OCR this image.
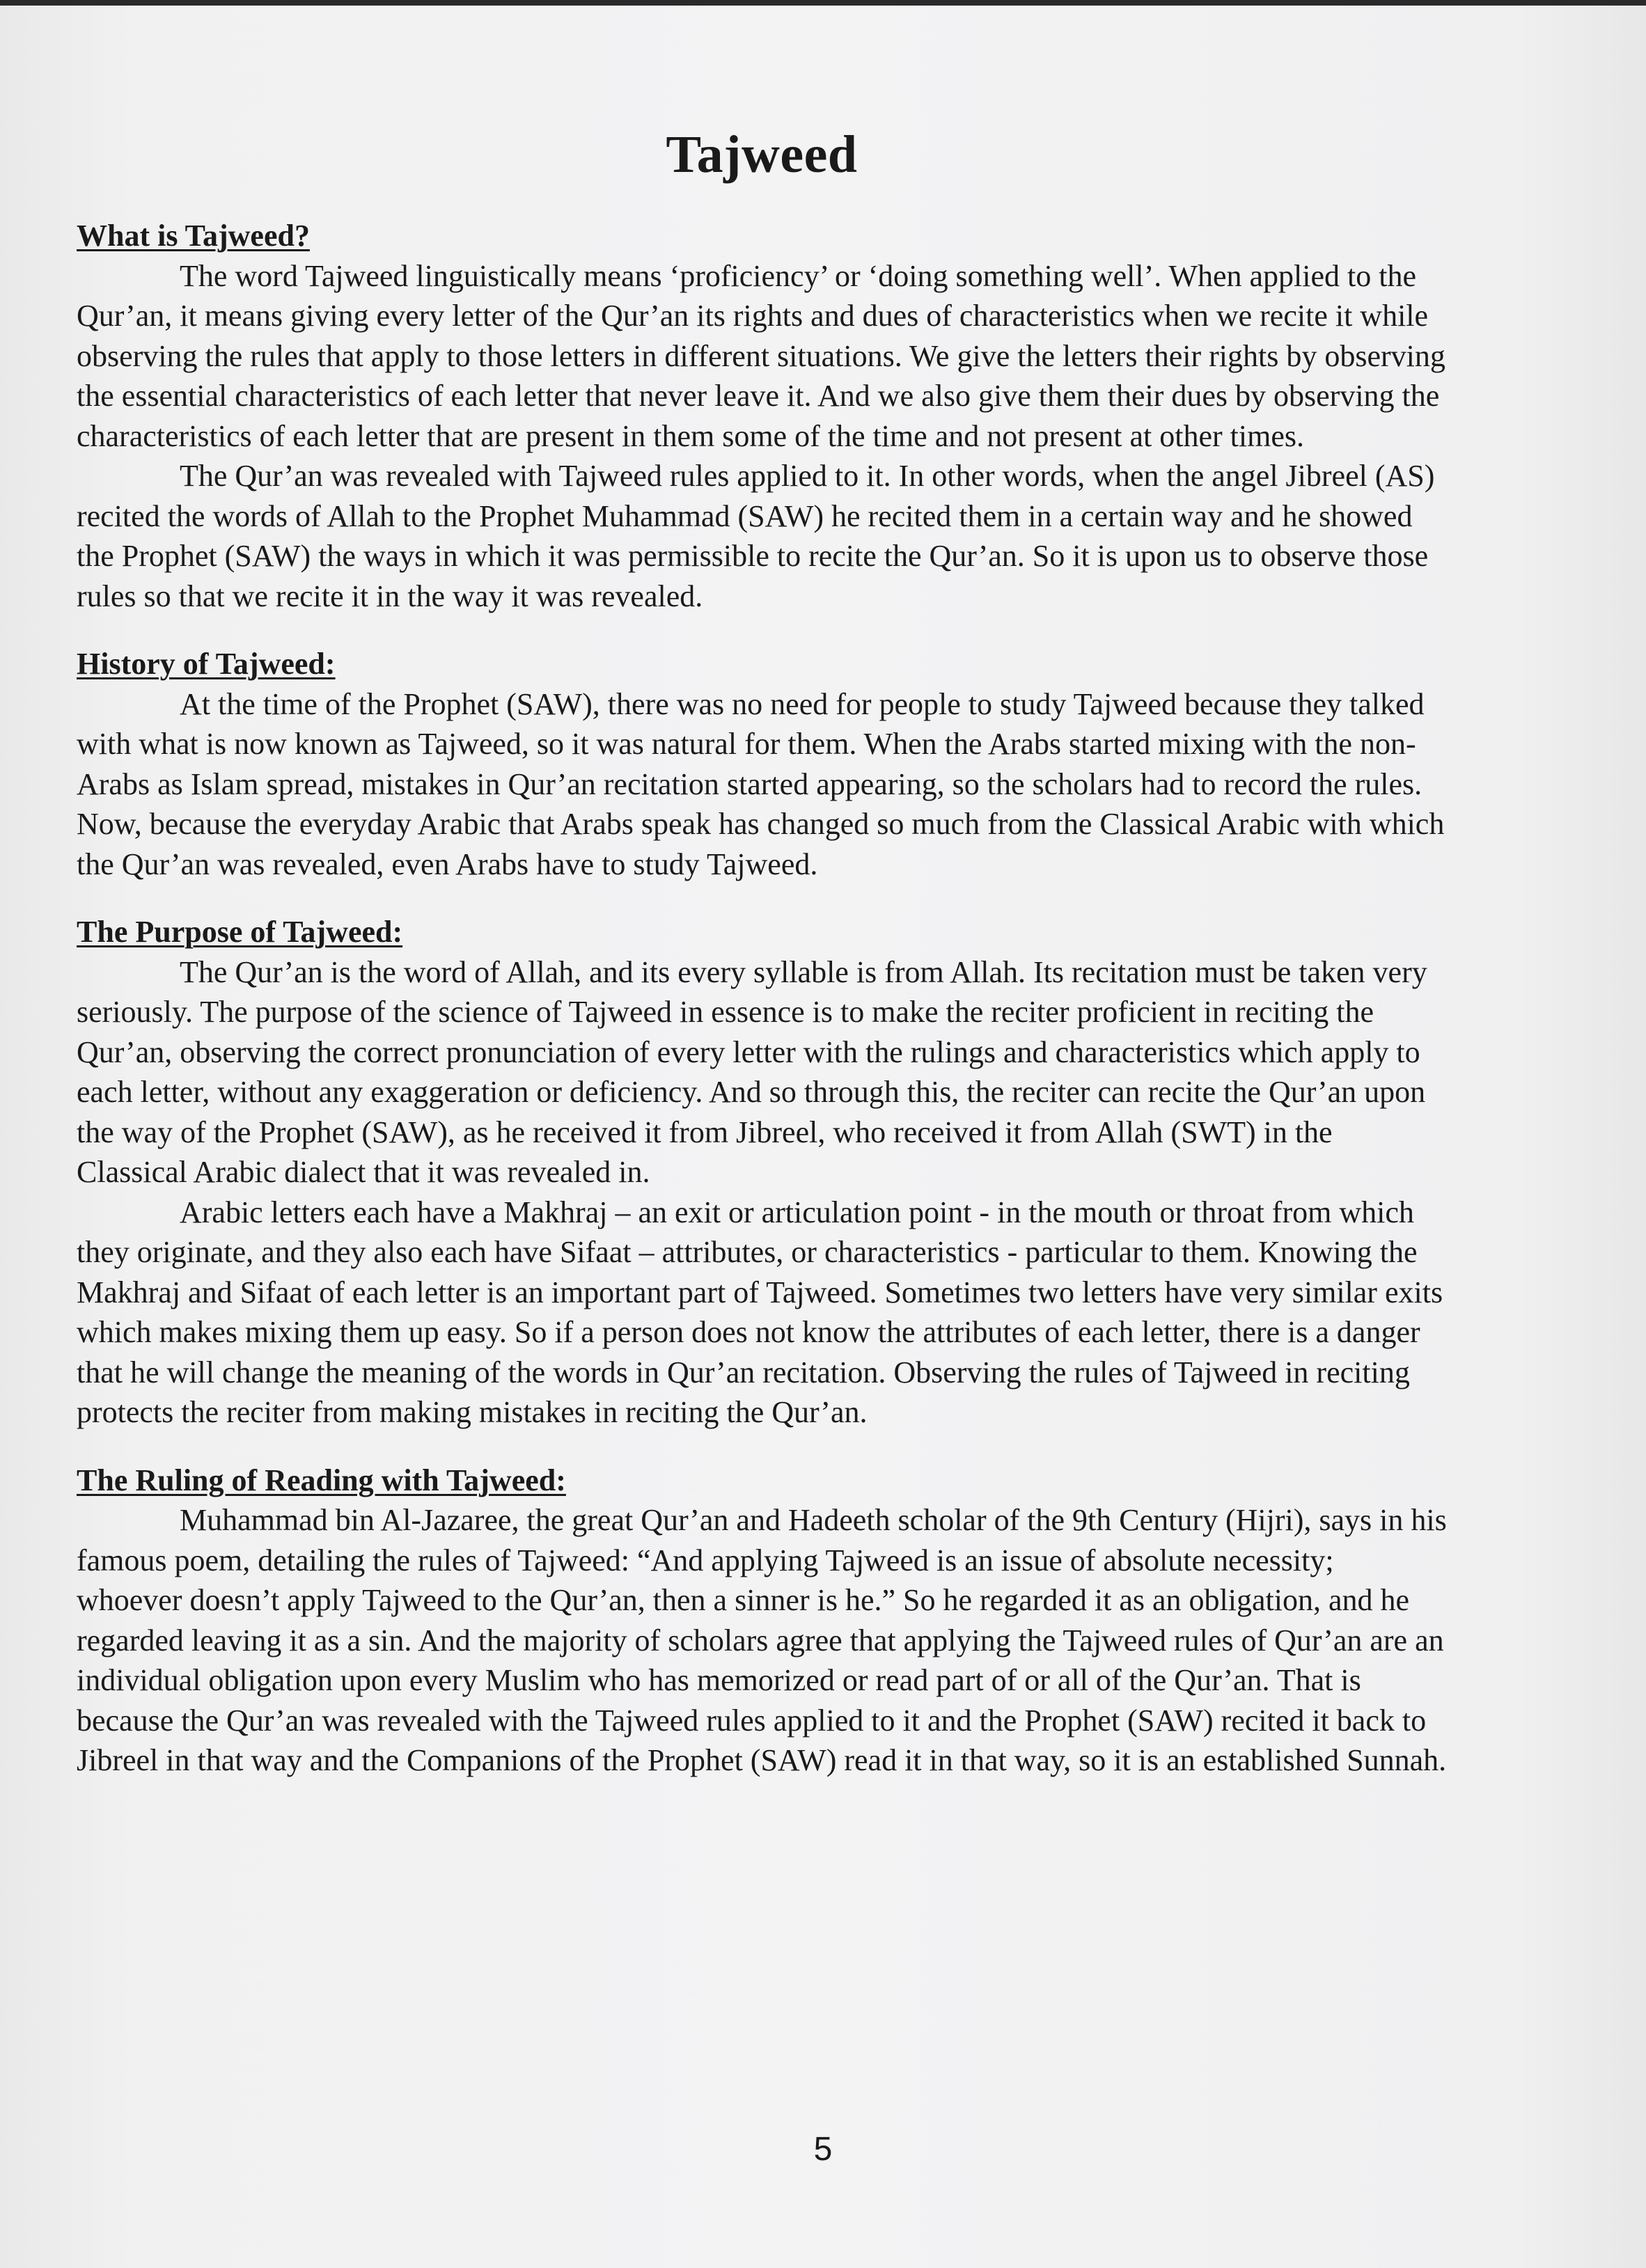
Tajweed

What is Tajweed?

The word Tajweed linguistically means ‘proficiency’ or ‘doing something well’. When applied to the Qur’an, it means giving every letter of the Qur’an its rights and dues of characteristics when we recite it while observing the rules that apply to those letters in different situations. We give the letters their rights by observing the essential characteristics of each letter that never leave it. And we also give them their dues by observing the characteristics of each letter that are present in them some of the time and not present at other times.

The Qur’an was revealed with Tajweed rules applied to it. In other words, when the angel Jibreel (AS) recited the words of Allah to the Prophet Muhammad (SAW) he recited them in a certain way and he showed the Prophet (SAW) the ways in which it was permissible to recite the Qur’an. So it is upon us to observe those rules so that we recite it in the way it was revealed.

History of Tajweed:

At the time of the Prophet (SAW), there was no need for people to study Tajweed because they talked with what is now known as Tajweed, so it was natural for them. When the Arabs started mixing with the non-Arabs as Islam spread, mistakes in Qur’an recitation started appearing, so the scholars had to record the rules. Now, because the everyday Arabic that Arabs speak has changed so much from the Classical Arabic with which the Qur’an was revealed, even Arabs have to study Tajweed.

The Purpose of Tajweed:

The Qur’an is the word of Allah, and its every syllable is from Allah. Its recitation must be taken very seriously. The purpose of the science of Tajweed in essence is to make the reciter proficient in reciting the Qur’an, observing the correct pronunciation of every letter with the rulings and characteristics which apply to each letter, without any exaggeration or deficiency. And so through this, the reciter can recite the Qur’an upon the way of the Prophet (SAW), as he received it from Jibreel, who received it from Allah (SWT) in the Classical Arabic dialect that it was revealed in.

Arabic letters each have a Makhraj – an exit or articulation point - in the mouth or throat from which they originate, and they also each have Sifaat – attributes, or characteristics - particular to them. Knowing the Makhraj and Sifaat of each letter is an important part of Tajweed. Sometimes two letters have very similar exits which makes mixing them up easy. So if a person does not know the attributes of each letter, there is a danger that he will change the meaning of the words in Qur’an recitation. Observing the rules of Tajweed in reciting protects the reciter from making mistakes in reciting the Qur’an.

The Ruling of Reading with Tajweed:

Muhammad bin Al-Jazaree, the great Qur’an and Hadeeth scholar of the 9th Century (Hijri), says in his famous poem, detailing the rules of Tajweed: “And applying Tajweed is an issue of absolute necessity; whoever doesn’t apply Tajweed to the Qur’an, then a sinner is he.” So he regarded it as an obligation, and he regarded leaving it as a sin. And the majority of scholars agree that applying the Tajweed rules of Qur’an are an individual obligation upon every Muslim who has memorized or read part of or all of the Qur’an. That is because the Qur’an was revealed with the Tajweed rules applied to it and the Prophet (SAW) recited it back to Jibreel in that way and the Companions of the Prophet (SAW) read it in that way, so it is an established Sunnah.

5
